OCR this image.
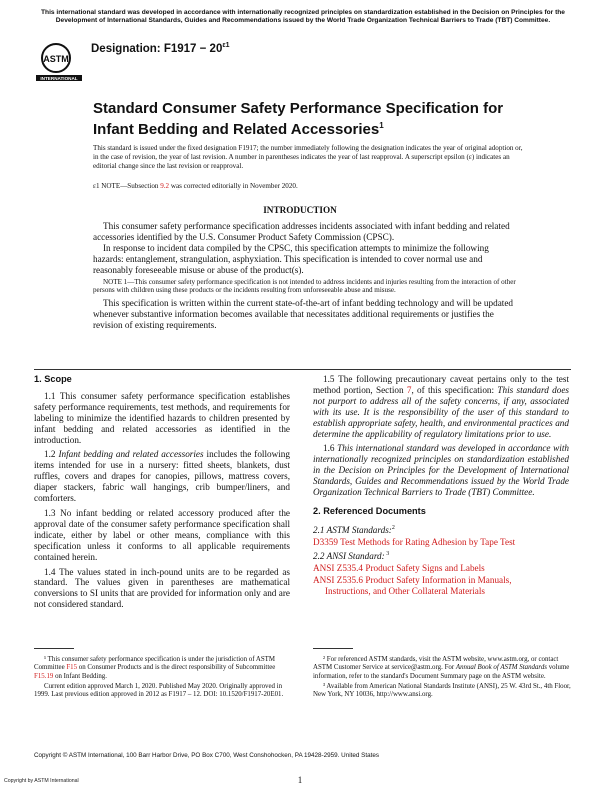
This international standard was developed in accordance with internationally recognized principles on standardization established in the Decision on Principles for the Development of International Standards, Guides and Recommendations issued by the World Trade Organization Technical Barriers to Trade (TBT) Committee.
ASTM
INTERNATIONAL
Designation: $F1917 - 20^{\varepsilon 1}$
Standard Consumer Safety Performance Specification for Infant Bedding and Related Accessories$^1$
This standard is issued under the fixed designation F1917; the number immediately following the designation indicates the year of original adoption or, in the case of revision, the year of last revision. A number in parentheses indicates the year of last reapproval. A superscript epsilon (ε) indicates an editorial change since the last revision or reapproval.
ε1 NOTE—Subsection 9.2 was corrected editorially in November 2020.
INTRODUCTION

This consumer safety performance specification addresses incidents associated with infant bedding and related accessories identified by the U.S. Consumer Product Safety Commission (CPSC).

In response to incident data compiled by the CPSC, this specification attempts to minimize the following hazards: entanglement, strangulation, asphyxiation. This specification is intended to cover normal use and reasonably foreseeable misuse or abuse of the product(s).

NOTE 1—This consumer safety performance specification is not intended to address incidents and injuries resulting from the interaction of other persons with children using these products or the incidents resulting from unforeseeable abuse and misuse.

This specification is written within the current state-of-the-art of infant bedding technology and will be updated whenever substantive information becomes available that necessitates additional requirements or justifies the revision of existing requirements.

1. Scope

1.1 This consumer safety performance specification establishes safety performance requirements, test methods, and requirements for labeling to minimize the identified hazards to children presented by infant bedding and related accessories as identified in the introduction.

1.2 Infant bedding and related accessories includes the following items intended for use in a nursery: fitted sheets, blankets, dust ruffles, covers and drapes for canopies, pillows, mattress covers, diaper stackers, fabric wall hangings, crib bumper/liners, and comforters.

1.3 No infant bedding or related accessory produced after the approval date of the consumer safety performance specification shall indicate, either by label or other means, compliance with this specification unless it conforms to all applicable requirements contained herein.

1.4 The values stated in inch-pound units are to be regarded as standard. The values given in parentheses are mathematical conversions to SI units that are provided for information only and are not considered standard.

1.5 The following precautionary caveat pertains only to the test method portion, Section 7, of this specification: This standard does not purport to address all of the safety concerns, if any, associated with its use. It is the responsibility of the user of this standard to establish appropriate safety, health, and environmental practices and determine the applicability of regulatory limitations prior to use.

1.6 This international standard was developed in accordance with internationally recognized principles on standardization established in the Decision on Principles for the Development of International Standards, Guides and Recommendations issued by the World Trade Organization Technical Barriers to Trade (TBT) Committee.

2. Referenced Documents

2.1 ASTM Standards:$^2$

D3359 Test Methods for Rating Adhesion by Tape Test

2.2 ANSI Standard: $^3$

ANSI Z535.4 Product Safety Signs and Labels

ANSI Z535.6 Product Safety Information in Manuals,
Instructions, and Other Collateral Materials

¹ This consumer safety performance specification is under the jurisdiction of ASTM Committee F15 on Consumer Products and is the direct responsibility of Subcommittee F15.19 on Infant Bedding.

Current edition approved March 1, 2020. Published May 2020. Originally approved in 1999. Last previous edition approved in 2012 as F1917 – 12. DOI: 10.1520/F1917-20E01.

² For referenced ASTM standards, visit the ASTM website, www.astm.org, or contact ASTM Customer Service at service@astm.org. For Annual Book of ASTM Standards volume information, refer to the standard's Document Summary page on the ASTM website.

³ Available from American National Standards Institute (ANSI), 25 W. 43rd St., 4th Floor, New York, NY 10036, http://www.ansi.org.

Copyright © ASTM International, 100 Barr Harbor Drive, PO Box C700, West Conshohocken, PA 19428-2959. United States
1
Copyright by ASTM International
